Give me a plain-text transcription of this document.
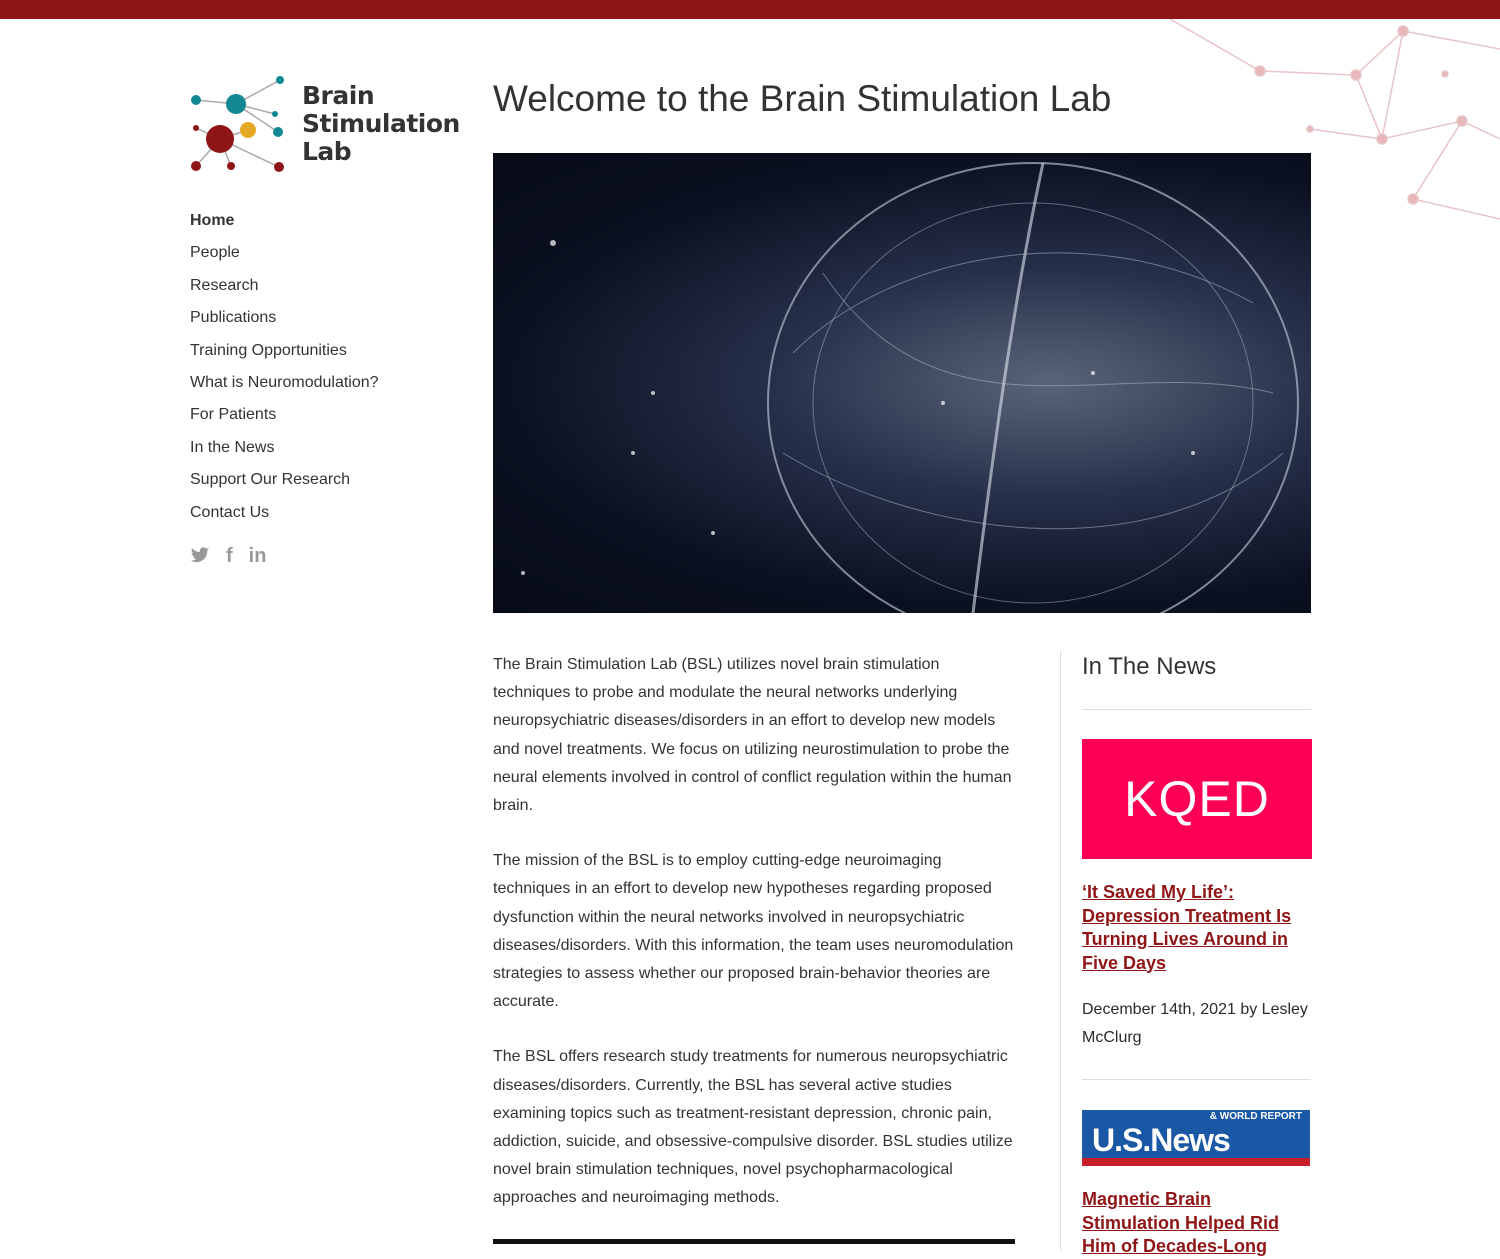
Brain
Stimulation
Lab
Home
People
Research
Publications
Training Opportunities
What is Neuromodulation?
For Patients
In the News
Support Our Research
Contact Us
f in
Welcome to the Brain Stimulation Lab

The Brain Stimulation Lab (BSL) utilizes novel brain stimulation techniques to probe and modulate the neural networks underlying neuropsychiatric diseases/disorders in an effort to develop new models and novel treatments. We focus on utilizing neurostimulation to probe the neural elements involved in control of conflict regulation within the human brain.

The mission of the BSL is to employ cutting-edge neuroimaging techniques in an effort to develop new hypotheses regarding proposed dysfunction within the neural networks involved in neuropsychiatric diseases/disorders. With this information, the team uses neuromodulation strategies to assess whether our proposed brain-behavior theories are accurate.

The BSL offers research study treatments for numerous neuropsychiatric diseases/disorders. Currently, the BSL has several active studies examining topics such as treatment-resistant depression, chronic pain, addiction, suicide, and obsessive-compulsive disorder. BSL studies utilize novel brain stimulation techniques, novel psychopharmacological approaches and neuroimaging methods.

In The News
KQED
‘It Saved My Life’: Depression Treatment Is Turning Lives Around in Five Days
December 14th, 2021 by Lesley McClurg
& WORLD REPORT
U.S.News
Magnetic Brain Stimulation Helped Rid Him of Decades-Long
